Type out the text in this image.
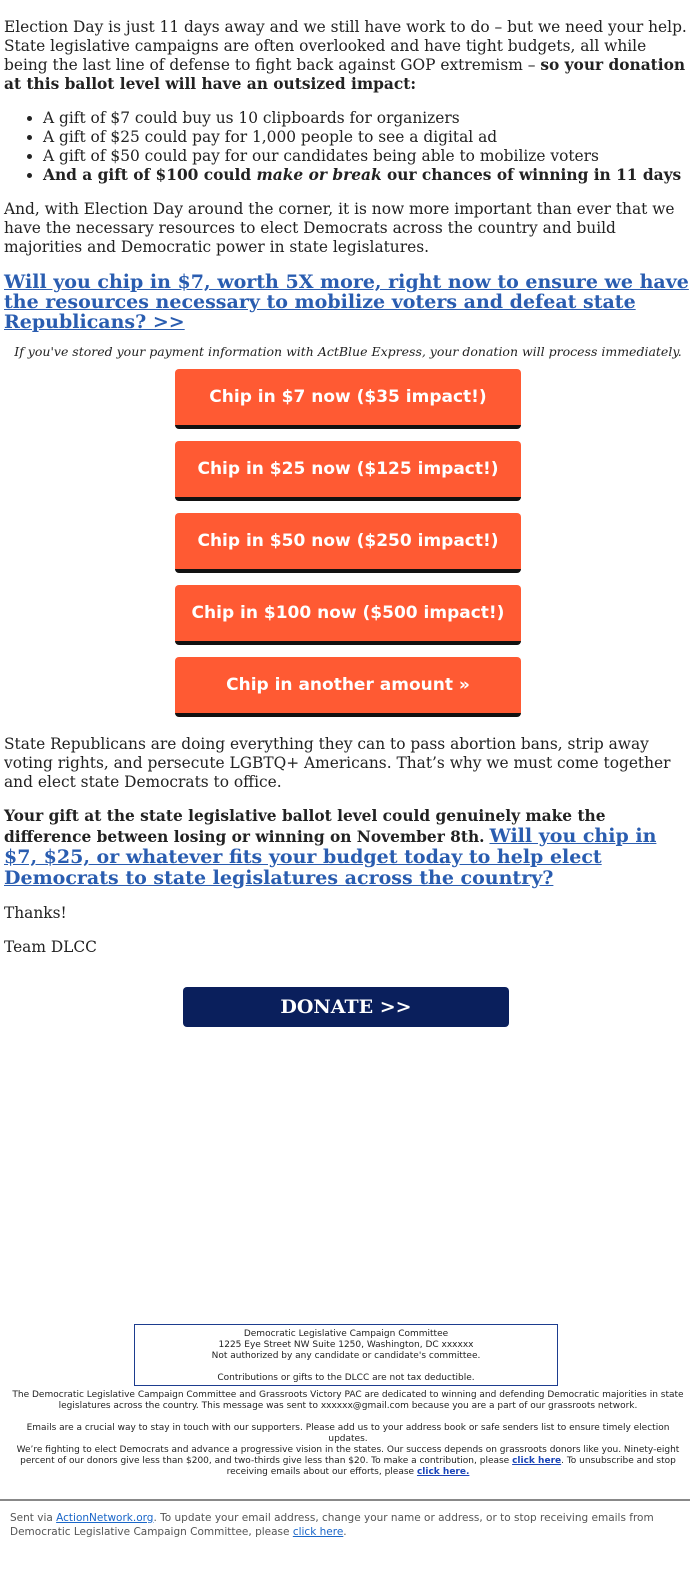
Election Day is just 11 days away and we still have work to do – but we need your help. State legislative campaigns are often overlooked and have tight budgets, all while being the last line of defense to fight back against GOP extremism – so your donation at this ballot level will have an outsized impact:

• A gift of $7 could buy us 10 clipboards for organizers
• A gift of $25 could pay for 1,000 people to see a digital ad
• A gift of $50 could pay for our candidates being able to mobilize voters
• And a gift of $100 could make or break our chances of winning in 11 days

And, with Election Day around the corner, it is now more important than ever that we have the necessary resources to elect Democrats across the country and build majorities and Democratic power in state legislatures.

Will you chip in $7, worth 5X more, right now to ensure we have the resources necessary to mobilize voters and defeat state Republicans? >>

If you've stored your payment information with ActBlue Express, your donation will process immediately.

Chip in $7 now ($35 impact!)
Chip in $25 now ($125 impact!)
Chip in $50 now ($250 impact!)
Chip in $100 now ($500 impact!)
Chip in another amount »

State Republicans are doing everything they can to pass abortion bans, strip away voting rights, and persecute LGBTQ+ Americans. That’s why we must come together and elect state Democrats to office.

Your gift at the state legislative ballot level could genuinely make the difference between losing or winning on November 8th. Will you chip in $7, $25, or whatever fits your budget today to help elect Democrats to state legislatures across the country?

Thanks!

Team DLCC

DONATE >>
Democratic Legislative Campaign Committee
1225 Eye Street NW Suite 1250, Washington, DC xxxxxx
Not authorized by any candidate or candidate's committee.
Contributions or gifts to the DLCC are not tax deductible.
The Democratic Legislative Campaign Committee and Grassroots Victory PAC are dedicated to winning and defending Democratic majorities in state legislatures across the country. This message was sent to xxxxxx@gmail.com because you are a part of our grassroots network.
Emails are a crucial way to stay in touch with our supporters. Please add us to your address book or safe senders list to ensure timely election updates.
We’re fighting to elect Democrats and advance a progressive vision in the states. Our success depends on grassroots donors like you. Ninety-eight percent of our donors give less than $200, and two-thirds give less than $20. To make a contribution, please click here. To unsubscribe and stop receiving emails about our efforts, please click here.
Sent via ActionNetwork.org. To update your email address, change your name or address, or to stop receiving emails from Democratic Legislative Campaign Committee, please click here.
